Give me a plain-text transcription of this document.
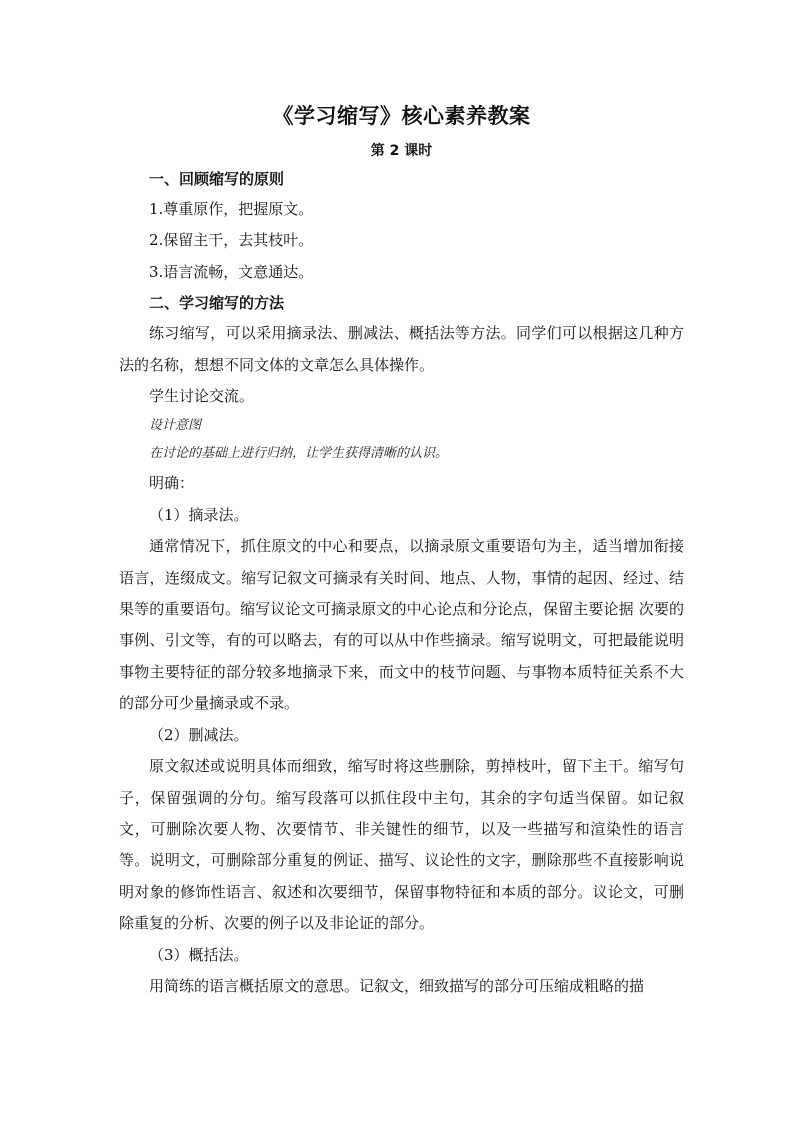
《学习缩写》核心素养教案

第 2 课时

一、回顾缩写的原则

1.尊重原作，把握原文。

2.保留主干，去其枝叶。

3.语言流畅，文意通达。

二、学习缩写的方法

练习缩写，可以采用摘录法、删减法、概括法等方法。同学们可以根据这几种方法的名称，想想不同文体的文章怎么具体操作。

学生讨论交流。

设计意图

在讨论的基础上进行归纳，让学生获得清晰的认识。

明确：

（1）摘录法。

通常情况下，抓住原文的中心和要点，以摘录原文重要语句为主，适当增加衔接语言，连缀成文。缩写记叙文可摘录有关时间、地点、人物，事情的起因、经过、结果等的重要语句。缩写议论文可摘录原文的中心论点和分论点，保留主要论据 次要的事例、引文等，有的可以略去，有的可以从中作些摘录。缩写说明文，可把最能说明事物主要特征的部分较多地摘录下来，而文中的枝节问题、与事物本质特征关系不大的部分可少量摘录或不录。

（2）删减法。

原文叙述或说明具体而细致，缩写时将这些删除，剪掉枝叶，留下主干。缩写句子，保留强调的分句。缩写段落可以抓住段中主句，其余的字句适当保留。如记叙文，可删除次要人物、次要情节、非关键性的细节，以及一些描写和渲染性的语言等。说明文，可删除部分重复的例证、描写、议论性的文字，删除那些不直接影响说明对象的修饰性语言、叙述和次要细节，保留事物特征和本质的部分。议论文，可删除重复的分析、次要的例子以及非论证的部分。

（3）概括法。

用简练的语言概括原文的意思。记叙文，细致描写的部分可压缩成粗略的描
